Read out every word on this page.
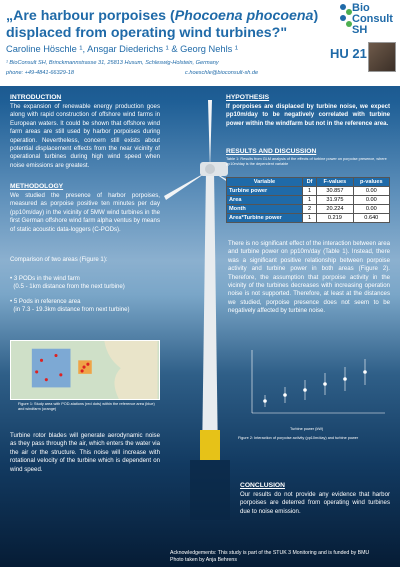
„Are harbour porpoises (Phocoena phocoena) displaced from operating wind turbines?"
Caroline Höschle ¹, Ansgar Diederichs ¹ & Georg Nehls ¹
¹ BioConsult SH, Brinckmannstrasse 31, 25813 Husum, Schleswig-Holstein, Germany
phone: +49-4841-66329-18	c.hoeschle@bioconsult-sh.de
Bio
Consult
SH
HU 21
INTRODUCTION
The expansion of renewable energy production goes along with rapid construction of offshore wind farms in European waters. It could be shown that offshore wind farm areas are still used by harbor porpoises during operation. Nevertheless, concern still exists about potential displacement effects from the near vicinity of operational turbines during high wind speed when noise emissions are greatest.
METHODOLOGY
We studied the presence of harbor porpoises, measured as porpoise positive ten minutes per day (pp10m/day) in the vicinity of 5MW wind turbines in the first German offshore wind farm alpha ventus by means of static acoustic data-loggers (C-PODs).
Comparison of two areas (Figure 1):
• 3 PODs in the wind farm
(0.5 - 1km distance from the next turbine)
• 5 Pods in reference area
(in 7.3 - 19.3km distance from next turbine)
Figure 1: Study area with POD-stations (red dots) within the reference area (blue) and windfarm (orange)
Turbine rotor blades will generate aerodynamic noise as they pass through the air, which enters the water via the air or the structure. This noise will increase with rotational velocity of the turbine which is dependent on wind speed.
HYPOTHESIS
If porpoises are displaced by turbine noise, we expect pp10m/day to be negatively correlated with turbine power within the windfarm but not in the reference area.
RESULTS AND DISCUSSION
Table 1: Results from GLM analysis of the effects of turbine power on porpoise presence, where pp10m/day is the dependent variable
Variable	Df	F-values	p-values
Turbine power	1	30.857	0.00
Area	1	31.975	0.00
Month	2	20.224	0.00
Area*Turbine power	1	0.219	0.640
There is no significant effect of the interaction between area and turbine power on pp10m/day (Table 1). Instead, there was a significant positive relationship between porpoise activity and turbine power in both areas (Figure 2). Therefore, the assumption that porpoise activity in the vicinity of the turbines decreases with increasing operation noise is not supported. Therefore, at least at the distances we studied, porpoise presence does not seem to be negatively affected by turbine noise.
Turbine power (kW)
Figure 2: Interaction of porpoise activity (pp10m/day) and turbine power
CONCLUSION
Our results do not provide any evidence that harbor porpoises are deterred from operating wind turbines due to noise emission.
Acknowledgements: This study is part of the STUK 3 Monitoring and is funded by BMU
Photo taken by Anja Behrens
